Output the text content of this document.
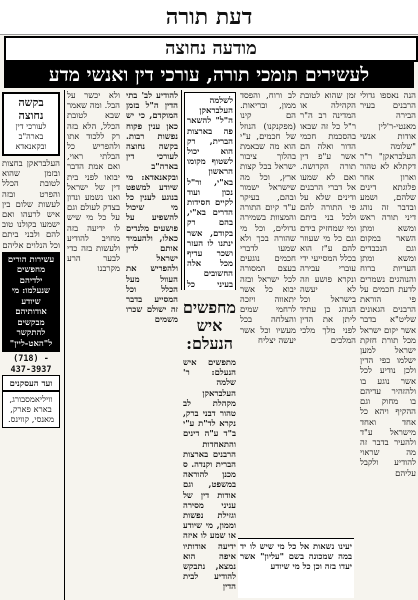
דעת תורה
מודעה נחוצה
לעשירים תומכי תורה, עורכי דין ואנשי מדע

הנה נאספו גדולי הרבנים בעיר הבירה מאנטי-ר'לין אודות אנשי "שלומה העלבראקן" ר"ר דקתלא לא טהור וארון אחר פלוגתא דינים שלהם, ושמע ובדבר זה נוהג דיני תורה ראש ומשא ומתן השאר במקום וגם הנכבדים ומשא ומתן העדיות ברוח והנוהגים נשמרים לדעת חכמים על פי הוראת הרבנים הגאונים שליט"א בדבר אשר יקום ישראל מכל תורת חזקת ישראל למען ישלמו כפי הדין ולכן נודיע לכל אשר נוגע בו ולהזהיר עדיהם בו מחוק וגם ההקיף ויהא כל אחד ואחד מישראל ע"ד ולהעיר בדבר זה מה שראוי להודיע ולקבל עליהם

זמן שהוא לטובת הקהילה או המדינה רב ה"ר ר"ל כל זה שבאו בהסכמת חכמי הדור ואלה הם אשר ע"פ דין תורה הקדושה. ואם לא שמעו אל דברי הרבנים ודינים שלא על פי התורה להם ולכל בני ביתם ומי שמחזיק בידם וגם כל מי שעוזר להם ע"ז הוא בכלל המסייעי ידי עוברי עבירה ונקרא פושע וזה לא יעשה בישראל וכל הנוהג כן עתיד ליתן את הדין לפני מלך מלכי המלכים

לב ורוח, והפסד ממון, ובריאות. הם קינו (מפקנקנו) הנוזל של חכמים, ע"י הוא מה שבאמת בהלוך ציבור ישראל בכל קצות ארץ, וכל מה שישראל ישמור ובהם, בעיקר ע"ד קיום התורה והמצוות בשמירה גדולים, וכל מי שהורה בכך ולא שמעו לדברי חכמים נוגעים בעצם המסורה לכל ישראל ובזה יבוא כל אשר יתאווה ויזכה לרחמי שמים והצלחה בכל מעשיו וכל אשר יעשה יצליח

לשלמה העלבראקן ה"ל" להשאר פה בארצות הברית, רק הוא יכול לשטוף מקומו הראשון בא"י, ור"ל נכון ועוד לקיים חסידות הדרים בא"י, בהם רק בקודם, אשר ינתנו לו העזר ושכר עדיף מכל אלה החשובים בעיני כל

מחפשים איש הנעלם:

מתפשים איש הנעלם: ר' שלמה העלבראקן מקהלת לב טהור דבני ברק, נקרא לד"ת ע"י ב"ד ע"ה דינים והתאחדות הרבנים בארצות הברית וקנדה. ס מכנן להוראה במשפט, וגם אודות דין של עניני מסירה וגזילת נפשות וממון, מי שיודע או שמע לו איזה ידיעה אודותיו איפה הוא נמצא, נתבקש להודיע לבית הדין

להודיע לב' בתי הדין ה"ל בזמן המוקדם, כי יש כאן ענין פקוח נפשות רבות. בקשה נחוצה לעורכי דין בארה"ב ובקאנאדא: מי שיודע למשפט בנוגע לענין כל מי שיכול להשפיע על פושעים מלנדים כאלו, ולהעמיד אותם לדין ישראל ולהפריש את העוול מעל הכלל וכל המסייע בדבר זה ישולם שכרו משמים

ולא יכשר על הבל. ומה שאמר שבא לטובת הכלל, הלא בזה רק ללכוד אתו ולהפריש כל הבלתי ראוי, ואם אמת הדבר יבואו לפני בית דין של ישראל ואנו נשמע ונדון בצדק לעולם וגם על כל מי שיש לו ידיעה בזה מחויב להודיע ולעשות בזה כדי לבער הרע מקרבנו

בקשה נחוצה
לעורכי דין בארה"ב ובקאנאדא

העלבראקן בחצות ובזמן שהוא לטובת הכלל והפרט ובזה לעשות שלום בין איש לרעהו ואם ישמעו בקולנו טוב להם ולבני ביתם וכל הנלוים אליהם

עשירות הורים מחפשים ילדיהם שנעלמו: מי שיודע אודותיהם מבקשים להתקשר ל"האט-ליין"
(718) - 437-3937
ועד העסקנים
וויליאמסבורג, בארא פארק, מאנסי, קווינס.
יעינו נשאות אל כל מי שיש לו יד במה שמכונה בשם "עליון" אשר יעדו בזה וכן כל מי שיודע
